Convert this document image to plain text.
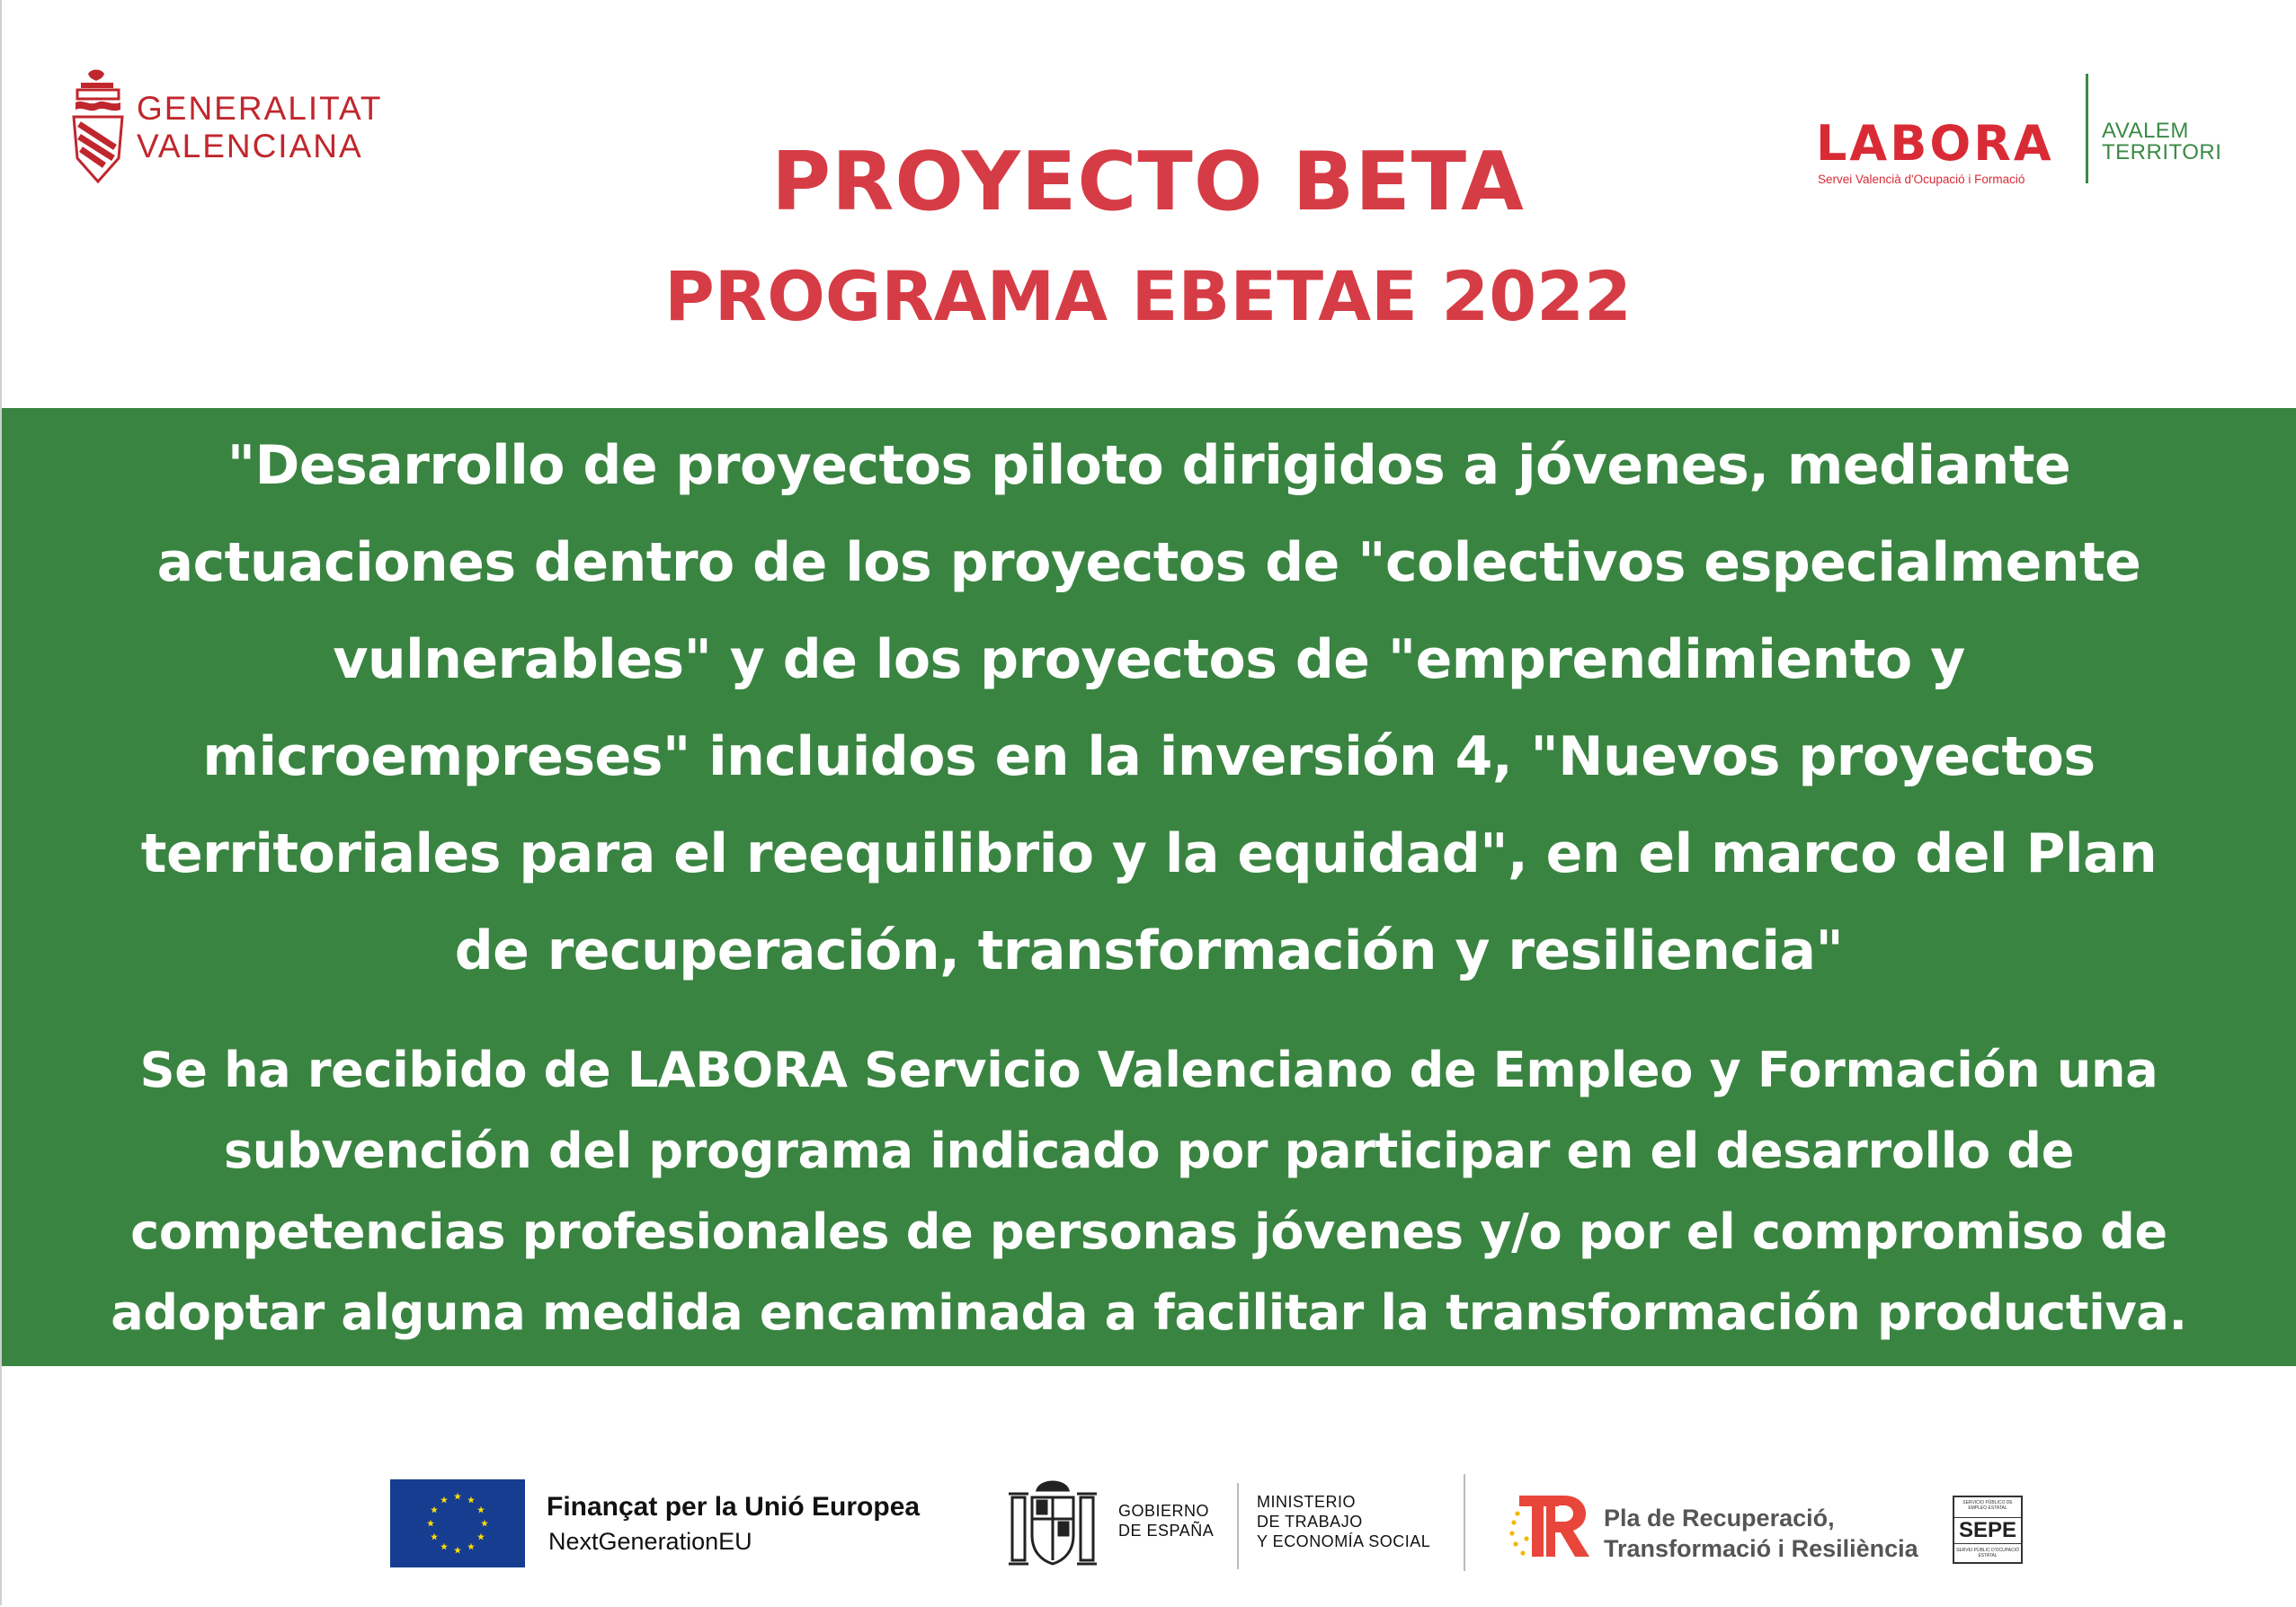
GENERALITAT
VALENCIANA	LABORA
Servei Valencià d'Ocupació i Formació
AVALEM
TERRITORI
PROYECTO BETA
PROGRAMA EBETAE 2022
"Desarrollo de proyectos piloto dirigidos a jóvenes, mediante
actuaciones dentro de los proyectos de "colectivos especialmente
vulnerables" y de los proyectos de "emprendimiento y
microempreses" incluidos en la inversión 4, "Nuevos proyectos
territoriales para el reequilibrio y la equidad", en el marco del Plan
de recuperación, transformación y resiliencia"
Se ha recibido de LABORA Servicio Valenciano de Empleo y Formación una
subvención del programa indicado por participar en el desarrollo de
competencias profesionales de personas jóvenes y/o por el compromiso de
adoptar alguna medida encaminada a facilitar la transformación productiva.
Finançat per la Unió Europea
NextGenerationEU
GOBIERNO
DE ESPAÑA
MINISTERIO
DE TRABAJO
Y ECONOMÍA SOCIAL
Pla de Recuperació,
Transformació i Resiliència
SERVICIO PÚBLICO DE EMPLEO ESTATAL
SEPE
SERVEI PÚBLIC D'OCUPACIÓ ESTATAL
